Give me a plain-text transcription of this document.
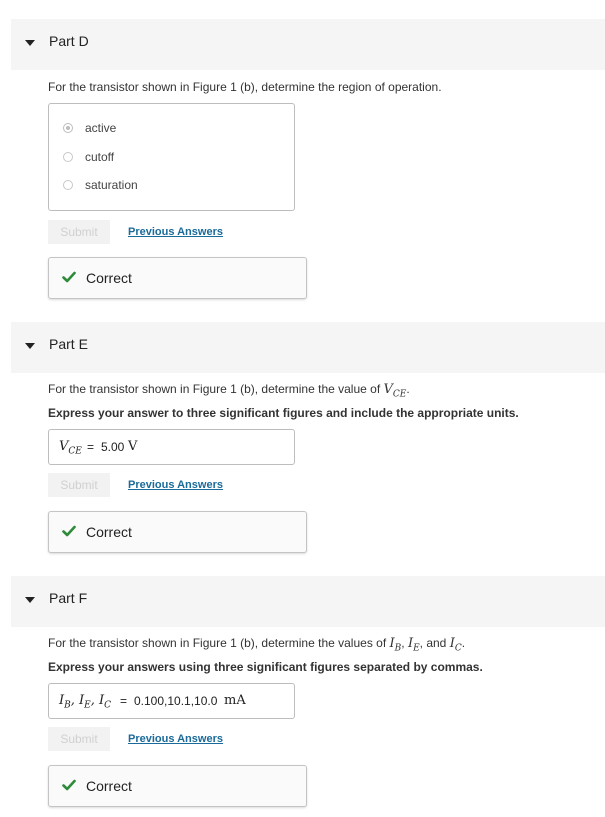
Part D
For the transistor shown in Figure 1 (b), determine the region of operation.
active
cutoff
saturation
Submit	Previous Answers
Correct
Part E
For the transistor shown in Figure 1 (b), determine the value of $V_{CE}$.
Express your answer to three significant figures and include the appropriate units.
$V_{CE} = 5.00$ V
Submit	Previous Answers
Correct
Part F
For the transistor shown in Figure 1 (b), determine the values of $I_B$, $I_E$, and $I_C$.
Express your answers using three significant figures separated by commas.
$I_B$, $I_E$, $I_C = 0.100,10.1,10.0$ mA
Submit	Previous Answers
Correct
